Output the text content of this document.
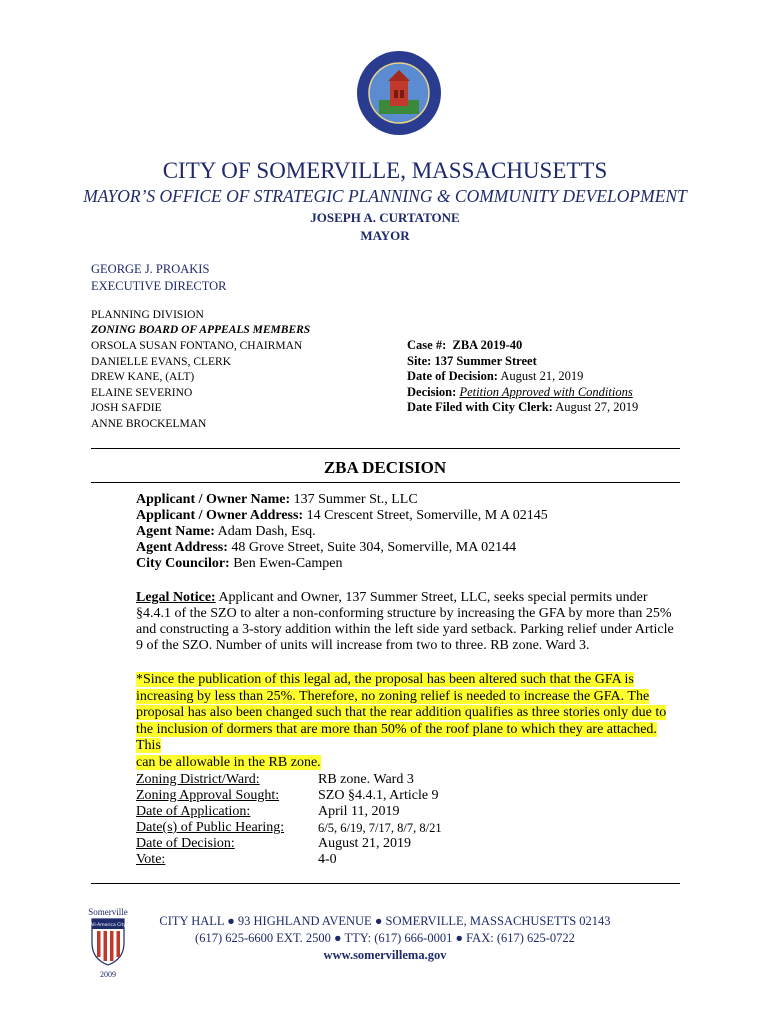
CITY OF SOMERVILLE, MASSACHUSETTS
MAYOR’S OFFICE OF STRATEGIC PLANNING & COMMUNITY DEVELOPMENT
JOSEPH A. CURTATONE
MAYOR
GEORGE J. PROAKIS
EXECUTIVE DIRECTOR
PLANNING DIVISION
ZONING BOARD OF APPEALS MEMBERS
ORSOLA SUSAN FONTANO, CHAIRMAN
DANIELLE EVANS, CLERK
DREW KANE, (ALT)
ELAINE SEVERINO
JOSH SAFDIE
ANNE BROCKELMAN
Case #: ZBA 2019-40
Site: 137 Summer Street
Date of Decision: August 21, 2019
Decision: Petition Approved with Conditions
Date Filed with City Clerk: August 27, 2019
ZBA DECISION
Applicant / Owner Name: 137 Summer St., LLC
Applicant / Owner Address: 14 Crescent Street, Somerville, M A 02145
Agent Name: Adam Dash, Esq.
Agent Address: 48 Grove Street, Suite 304, Somerville, MA 02144
City Councilor: Ben Ewen-Campen
Legal Notice: Applicant and Owner, 137 Summer Street, LLC, seeks special permits under §4.4.1 of the SZO to alter a non-conforming structure by increasing the GFA by more than 25% and constructing a 3-story addition within the left side yard setback. Parking relief under Article 9 of the SZO. Number of units will increase from two to three. RB zone. Ward 3.
*Since the publication of this legal ad, the proposal has been altered such that the GFA is
increasing by less than 25%. Therefore, no zoning relief is needed to increase the GFA. The
proposal has also been changed such that the rear addition qualifies as three stories only due to
the inclusion of dormers that are more than 50% of the roof plane to which they are attached. This
can be allowable in the RB zone.
Zoning District/Ward:	RB zone. Ward 3
Zoning Approval Sought:	SZO §4.4.1, Article 9
Date of Application:	April 11, 2019
Date(s) of Public Hearing:	6/5, 6/19, 7/17, 8/7, 8/21
Date of Decision:	August 21, 2019
Vote:	4-0
Somerville
All-America City
2009
CITY HALL ● 93 HIGHLAND AVENUE ● SOMERVILLE, MASSACHUSETTS 02143
(617) 625-6600 EXT. 2500 ● TTY: (617) 666-0001 ● FAX: (617) 625-0722
www.somervillema.gov
